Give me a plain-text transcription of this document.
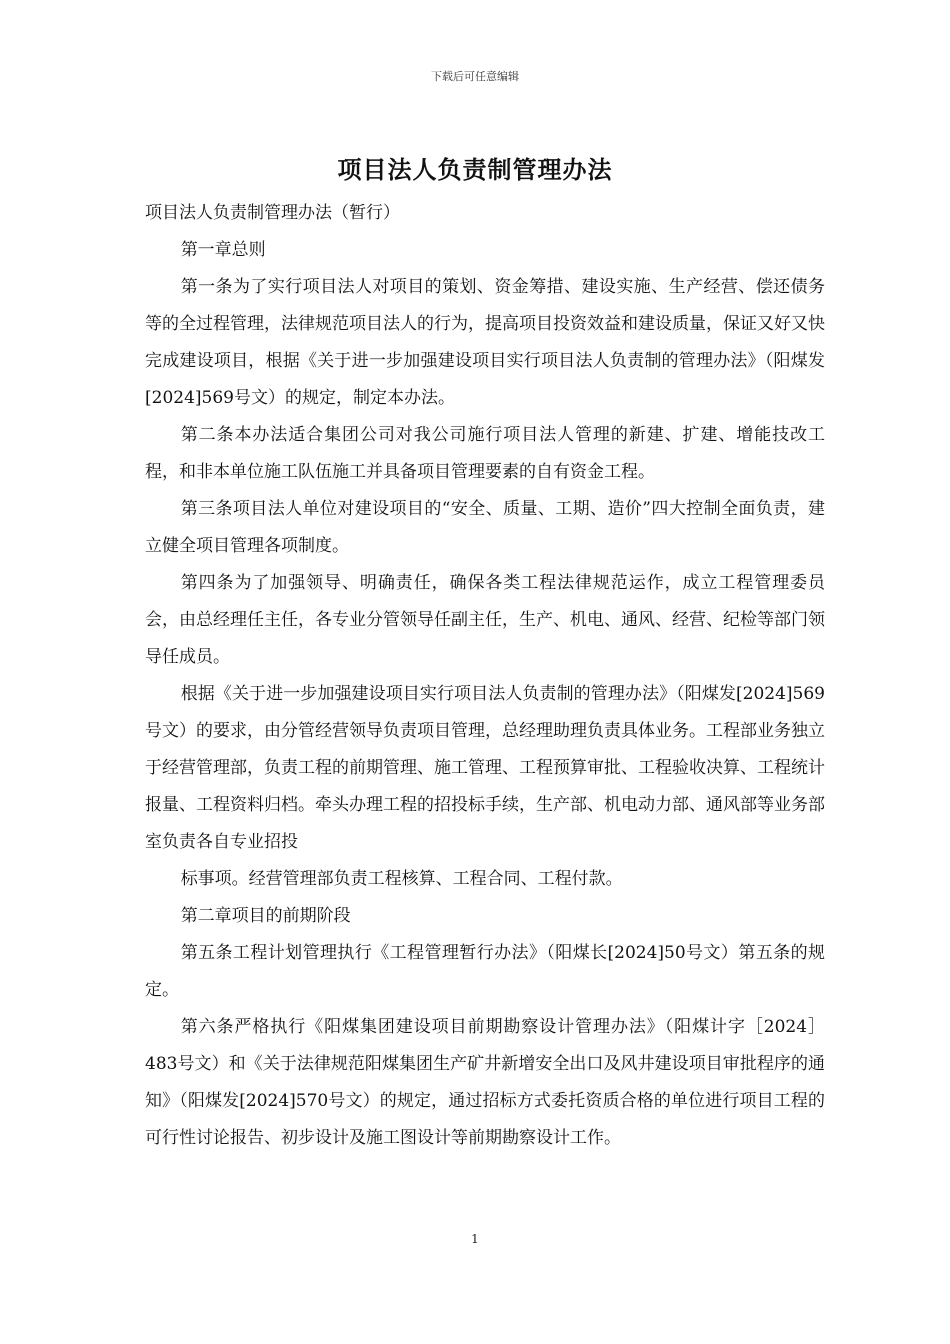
下载后可任意编辑
项目法人负责制管理办法

项目法人负责制管理办法（暂行）

第一章总则

第一条为了实行项目法人对项目的策划、资金筹措、建设实施、生产经营、偿还债务等的全过程管理，法律规范项目法人的行为，提高项目投资效益和建设质量，保证又好又快完成建设项目，根据《关于进一步加强建设项目实行项目法人负责制的管理办法》（阳煤发[2024]569号文）的规定，制定本办法。

第二条本办法适合集团公司对我公司施行项目法人管理的新建、扩建、增能技改工程，和非本单位施工队伍施工并具备项目管理要素的自有资金工程。

第三条项目法人单位对建设项目的“安全、质量、工期、造价”四大控制全面负责，建立健全项目管理各项制度。

第四条为了加强领导、明确责任，确保各类工程法律规范运作，成立工程管理委员会，由总经理任主任，各专业分管领导任副主任，生产、机电、通风、经营、纪检等部门领导任成员。

根据《关于进一步加强建设项目实行项目法人负责制的管理办法》（阳煤发[2024]569号文）的要求，由分管经营领导负责项目管理，总经理助理负责具体业务。工程部业务独立于经营管理部，负责工程的前期管理、施工管理、工程预算审批、工程验收决算、工程统计报量、工程资料归档。牵头办理工程的招投标手续，生产部、机电动力部、通风部等业务部室负责各自专业招投

标事项。经营管理部负责工程核算、工程合同、工程付款。

第二章项目的前期阶段

第五条工程计划管理执行《工程管理暂行办法》（阳煤长[2024]50号文）第五条的规定。

第六条严格执行《阳煤集团建设项目前期勘察设计管理办法》（阳煤计字［2024］483号文）和《关于法律规范阳煤集团生产矿井新增安全出口及风井建设项目审批程序的通知》（阳煤发[2024]570号文）的规定，通过招标方式委托资质合格的单位进行项目工程的可行性讨论报告、初步设计及施工图设计等前期勘察设计工作。

1
